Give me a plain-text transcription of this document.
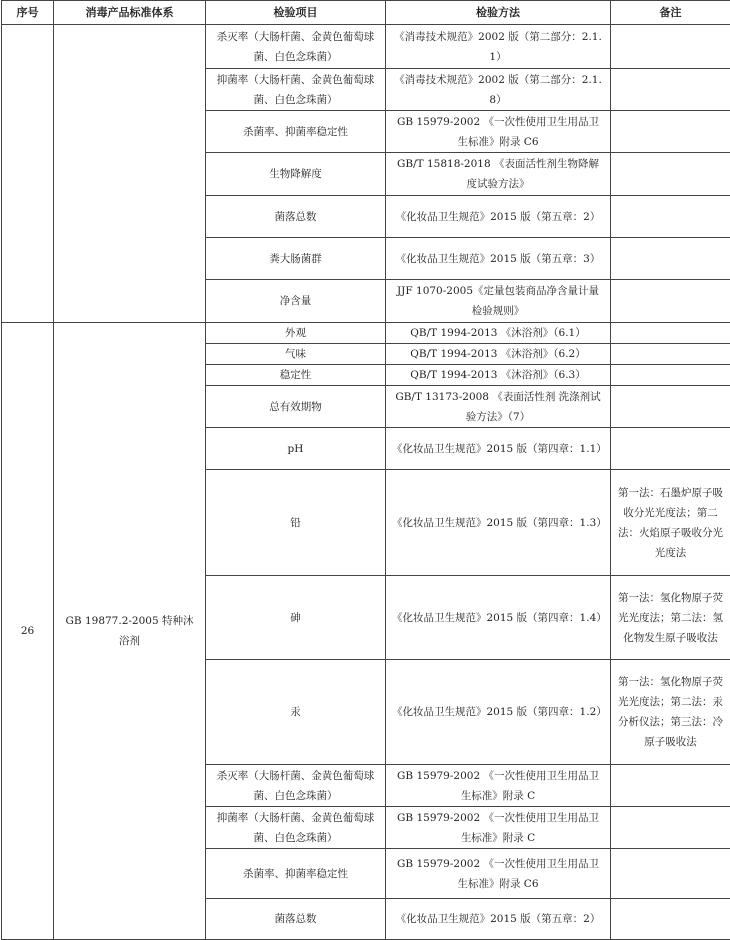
序号	消毒产品标准体系	检验项目	检验方法	备注
		杀灭率（大肠杆菌、金黄色葡萄球菌、白色念珠菌）	《消毒技术规范》2002 版（第二部分：2.1.1）	
		抑菌率（大肠杆菌、金黄色葡萄球菌、白色念珠菌）	《消毒技术规范》2002 版（第二部分：2.1.8）	
		杀菌率、抑菌率稳定性	GB 15979-2002 《一次性使用卫生用品卫生标准》附录 C6	
		生物降解度	GB/T 15818-2018 《表面活性剂生物降解度试验方法》	
		菌落总数	《化妆品卫生规范》2015 版（第五章：2）	
		粪大肠菌群	《化妆品卫生规范》2015 版（第五章：3）	
		净含量	JJF 1070-2005《定量包装商品净含量计量检验规则》	
26	GB 19877.2-2005 特种沐浴剂	外观	QB/T 1994-2013 《沐浴剂》（6.1）	
		气味	QB/T 1994-2013 《沐浴剂》（6.2）	
		稳定性	QB/T 1994-2013 《沐浴剂》（6.3）	
		总有效期物	GB/T 13173-2008 《表面活性剂 洗涤剂试验方法》（7）	
		pH	《化妆品卫生规范》2015 版（第四章：1.1）	
		铅	《化妆品卫生规范》2015 版（第四章：1.3）	第一法：石墨炉原子吸收分光光度法；第二法：火焰原子吸收分光光度法
		砷	《化妆品卫生规范》2015 版（第四章：1.4）	第一法：氢化物原子荧光光度法；第二法：氢化物发生原子吸收法
		汞	《化妆品卫生规范》2015 版（第四章：1.2）	第一法：氢化物原子荧光光度法；第二法：汞分析仪法；第三法：冷原子吸收法
		杀灭率（大肠杆菌、金黄色葡萄球菌、白色念珠菌）	GB 15979-2002 《一次性使用卫生用品卫生标准》附录 C	
		抑菌率（大肠杆菌、金黄色葡萄球菌、白色念珠菌）	GB 15979-2002 《一次性使用卫生用品卫生标准》附录 C	
		杀菌率、抑菌率稳定性	GB 15979-2002 《一次性使用卫生用品卫生标准》附录 C6	
		菌落总数	《化妆品卫生规范》2015 版（第五章：2）	
